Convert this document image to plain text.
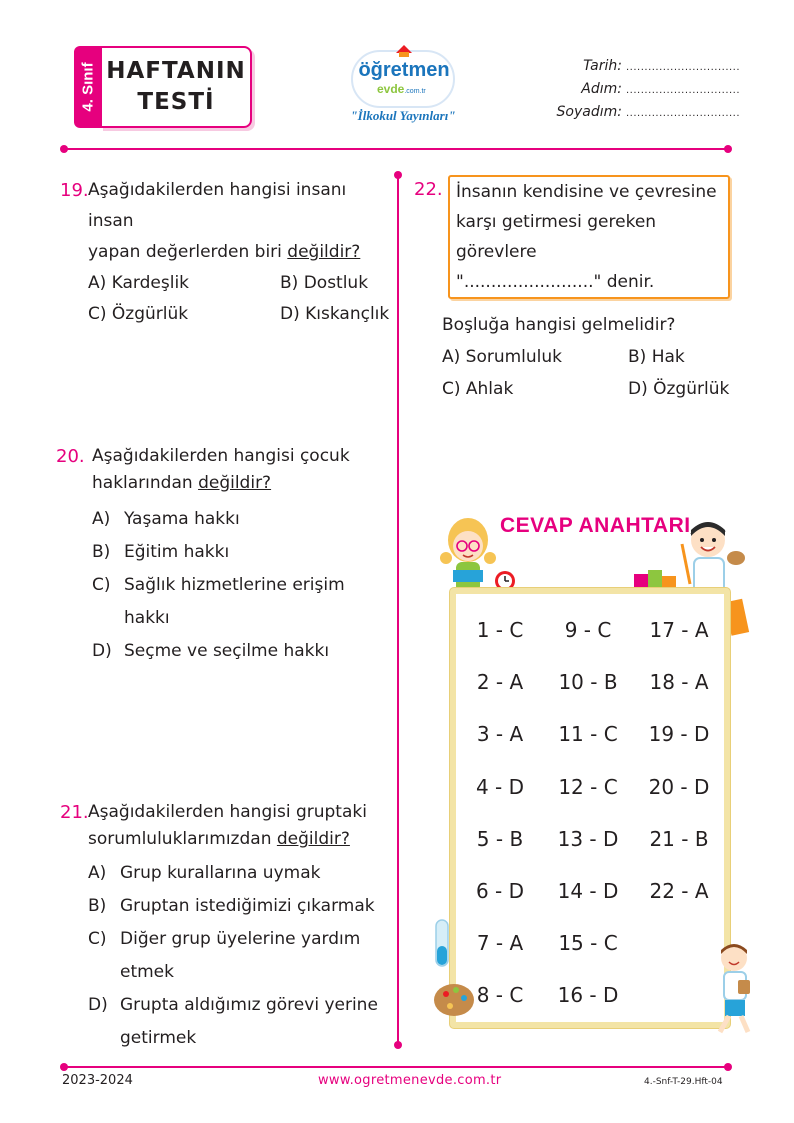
4. Sınıf HAFTANIN
TESTİ
öğretmen
evde.com.tr
"İlkokul Yayınları"
Tarih: ...............................
Adım: ...............................
Soyadım: ...............................
19. Aşağıdakilerden hangisi insanı insan
yapan değerlerden biri değildir?
A) Kardeşlik	B) Dostluk
C) Özgürlük	D) Kıskançlık
20. Aşağıdakilerden hangisi çocuk
haklarından değildir?
A) Yaşama hakkı
B) Eğitim hakkı
C) Sağlık hizmetlerine erişim
hakkı
D) Seçme ve seçilme hakkı
21. Aşağıdakilerden hangisi gruptaki
sorumluluklarımızdan değildir?
A) Grup kurallarına uymak
B) Gruptan istediğimizi çıkarmak
C) Diğer grup üyelerine yardım
etmek
D) Grupta aldığımız görevi yerine
getirmek
22. İnsanın kendisine ve çevresine
karşı getirmesi gereken görevlere
"........................" denir.
Boşluğa hangisi gelmelidir?
A) Sorumluluk	B) Hak
C) Ahlak	D) Özgürlük
CEVAP ANAHTARI
1 - C	9 - C	17 - A
2 - A	10 - B	18 - A
3 - A	11 - C	19 - D
4 - D	12 - C	20 - D
5 - B	13 - D	21 - B
6 - D	14 - D	22 - A
7 - A	15 - C
8 - C	16 - D
2023-2024	www.ogretmenevde.com.tr	4.-Snf-T-29.Hft-04
